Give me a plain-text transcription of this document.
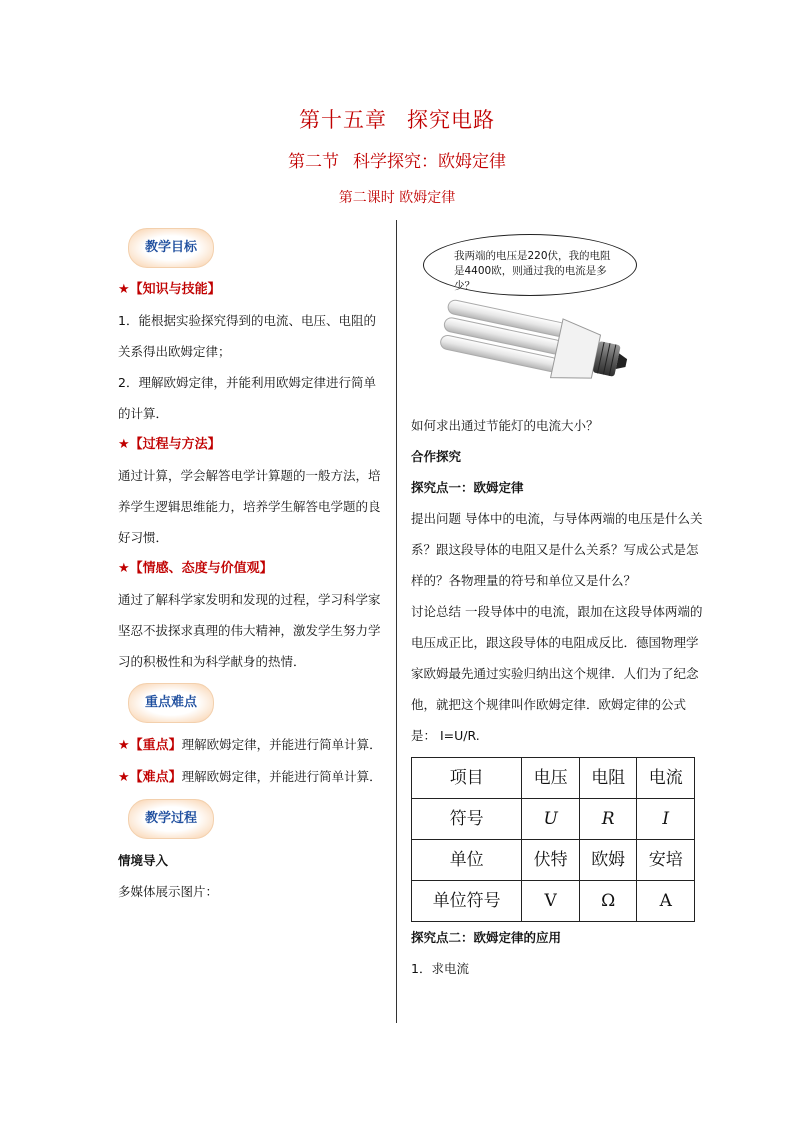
第十五章 探究电路
第二节 科学探究：欧姆定律
第二课时 欧姆定律
教学目标

★【知识与技能】

1．能根据实验探究得到的电流、电压、电阻的关系得出欧姆定律；

2．理解欧姆定律，并能利用欧姆定律进行简单的计算．

★【过程与方法】

通过计算，学会解答电学计算题的一般方法，培养学生逻辑思维能力，培养学生解答电学题的良好习惯．

★【情感、态度与价值观】

通过了解科学家发明和发现的过程，学习科学家坚忍不拔探求真理的伟大精神，激发学生努力学习的积极性和为科学献身的热情．

重点难点

★【重点】理解欧姆定律，并能进行简单计算．

★【难点】理解欧姆定律，并能进行简单计算．

教学过程

情境导入

多媒体展示图片：

我两端的电压是220伏，我的电阻是4400欧，则通过我的电流是多少？

如何求出通过节能灯的电流大小？

合作探究

探究点一：欧姆定律

提出问题 导体中的电流，与导体两端的电压是什么关系？跟这段导体的电阻又是什么关系？写成公式是怎样的？各物理量的符号和单位又是什么？

讨论总结 一段导体中的电流，跟加在这段导体两端的电压成正比，跟这段导体的电阻成反比．德国物理学家欧姆最先通过实验归纳出这个规律．人们为了纪念他，就把这个规律叫作欧姆定律．欧姆定律的公式是： I=U/R.

项目	电压	电阻	电流
符号	U	R	I
单位	伏特	欧姆	安培
单位符号	V	Ω	A

探究点二：欧姆定律的应用

1．求电流
